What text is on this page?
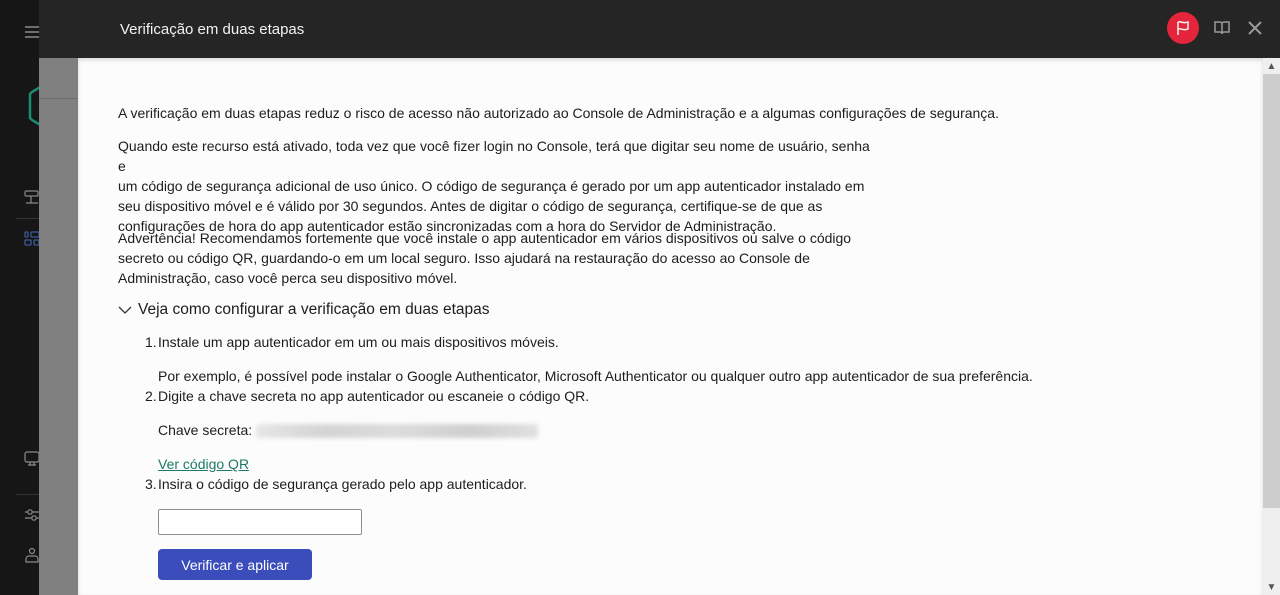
Verificação em duas etapas
▲
▼
A verificação em duas etapas reduz o risco de acesso não autorizado ao Console de Administração e a algumas configurações de segurança.
Quando este recurso está ativado, toda vez que você fizer login no Console, terá que digitar seu nome de usuário, senha e
um código de segurança adicional de uso único. O código de segurança é gerado por um app autenticador instalado em
seu dispositivo móvel e é válido por 30 segundos. Antes de digitar o código de segurança, certifique-se de que as
configurações de hora do app autenticador estão sincronizadas com a hora do Servidor de Administração.
Advertência! Recomendamos fortemente que você instale o app autenticador em vários dispositivos ou salve o código
secreto ou código QR, guardando-o em um local seguro. Isso ajudará na restauração do acesso ao Console de
Administração, caso você perca seu dispositivo móvel.
Veja como configurar a verificação em duas etapas
1. Instale um app autenticador em um ou mais dispositivos móveis.
Por exemplo, é possível pode instalar o Google Authenticator, Microsoft Authenticator ou qualquer outro app autenticador de sua preferência.
2. Digite a chave secreta no app autenticador ou escaneie o código QR.
Chave secreta:
Ver código QR
3. Insira o código de segurança gerado pelo app autenticador.
Verificar e aplicar
